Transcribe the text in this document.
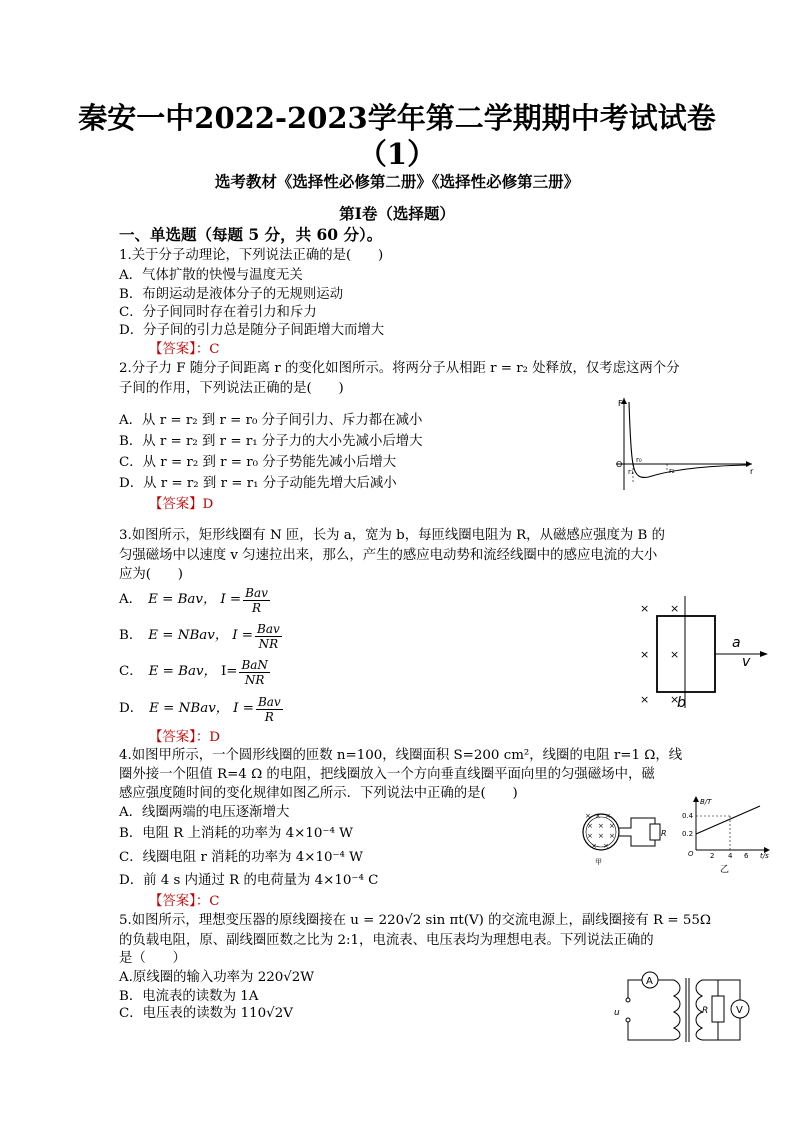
秦安一中2022-2023学年第二学期期中考试试卷
（1）
选考教材《选择性必修第二册》《选择性必修第三册》
第Ⅰ卷（选择题）
一、单选题（每题 5 分，共 60 分）。
1.关于分子动理论，下列说法正确的是(　　)
A．气体扩散的快慢与温度无关
B．布朗运动是液体分子的无规则运动
C．分子间同时存在着引力和斥力
D．分子间的引力总是随分子间距增大而增大
【答案】：C
2.分子力 F 随分子间距离 r 的变化如图所示。将两分子从相距 r = r₂ 处释放，仅考虑这两个分
子间的作用，下列说法正确的是(　　)
A．从 r = r₂ 到 r = r₀ 分子间引力、斥力都在减小
B．从 r = r₂ 到 r = r₁ 分子力的大小先减小后增大
C．从 r = r₂ 到 r = r₀ 分子势能先减小后增大
D．从 r = r₂ 到 r = r₁ 分子动能先增大后减小
【答案】D
F
O
r
r₀
r₁	r₂
3.如图所示，矩形线圈有 N 匝，长为 a，宽为 b，每匝线圈电阻为 R，从磁感应强度为 B 的
匀强磁场中以速度 v 匀速拉出来，那么，产生的感应电动势和流经线圈中的感应电流的大小
应为(　　)
A． E = Bav， $I = \frac{\text{Bav}}{R}$
B． E = NBav， $I = \frac{\text{Bav}}{NR}$
C． E = Bav， $I= \frac{\text{BaN}}{NR}$
D． E = NBav， $I = \frac{\text{Bav}}{R}$
【答案】：D
× ×
× ×
× ×
a
v
b
4.如图甲所示，一个圆形线圈的匝数 n=100，线圈面积 S=200 cm²，线圈的电阻 r=1 Ω，线
圈外接一个阻值 R=4 Ω 的电阻，把线圈放入一个方向垂直线圈平面向里的匀强磁场中，磁
感应强度随时间的变化规律如图乙所示．下列说法中正确的是(　　)
A．线圈两端的电压逐渐增大
B．电阻 R 上消耗的功率为 4×10⁻⁴ W
C．线圈电阻 r 消耗的功率为 4×10⁻⁴ W
D．前 4 s 内通过 R 的电荷量为 4×10⁻⁴ C
【答案】：C
× × ×
× × ×
× × ×
× ×
R
甲
B/T
0.4
0.2
O 2 4 6 t/s
乙
5.如图所示，理想变压器的原线圈接在 u = 220√2 sin πt(V) 的交流电源上，副线圈接有 R = 55Ω
的负载电阻，原、副线圈匝数之比为 2:1，电流表、电压表均为理想电表。下列说法正确的
是（　　）
A.原线圈的输入功率为 220√2W
B．电流表的读数为 1A
C．电压表的读数为 110√2V	u
A
R	V
